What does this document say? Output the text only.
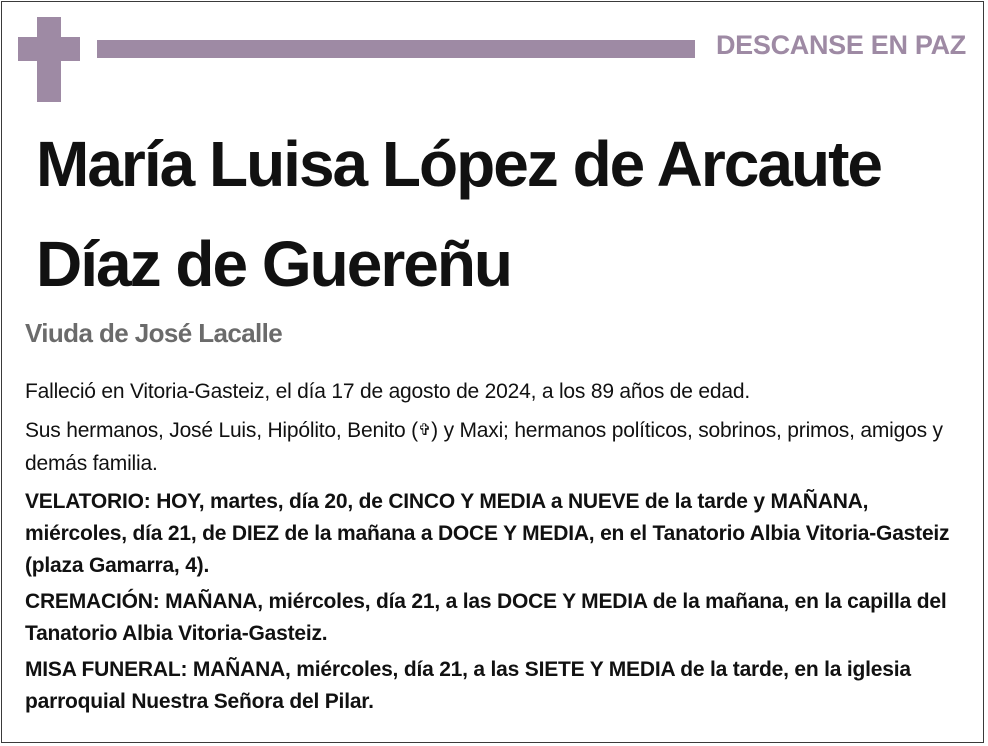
DESCANSE EN PAZ

María Luisa López de Arcaute Díaz de Guereñu

Viuda de José Lacalle

Falleció en Vitoria-Gasteiz, el día 17 de agosto de 2024, a los 89 años de edad.

Sus hermanos, José Luis, Hipólito, Benito (✞) y Maxi; hermanos políticos, sobrinos, primos, amigos y demás familia.

VELATORIO: HOY, martes, día 20, de CINCO Y MEDIA a NUEVE de la tarde y MAÑANA, miércoles, día 21, de DIEZ de la mañana a DOCE Y MEDIA, en el Tanatorio Albia Vitoria-Gasteiz (plaza Gamarra, 4).

CREMACIÓN: MAÑANA, miércoles, día 21, a las DOCE Y MEDIA de la mañana, en la capilla del Tanatorio Albia Vitoria-Gasteiz.

MISA FUNERAL: MAÑANA, miércoles, día 21, a las SIETE Y MEDIA de la tarde, en la iglesia parroquial Nuestra Señora del Pilar.
